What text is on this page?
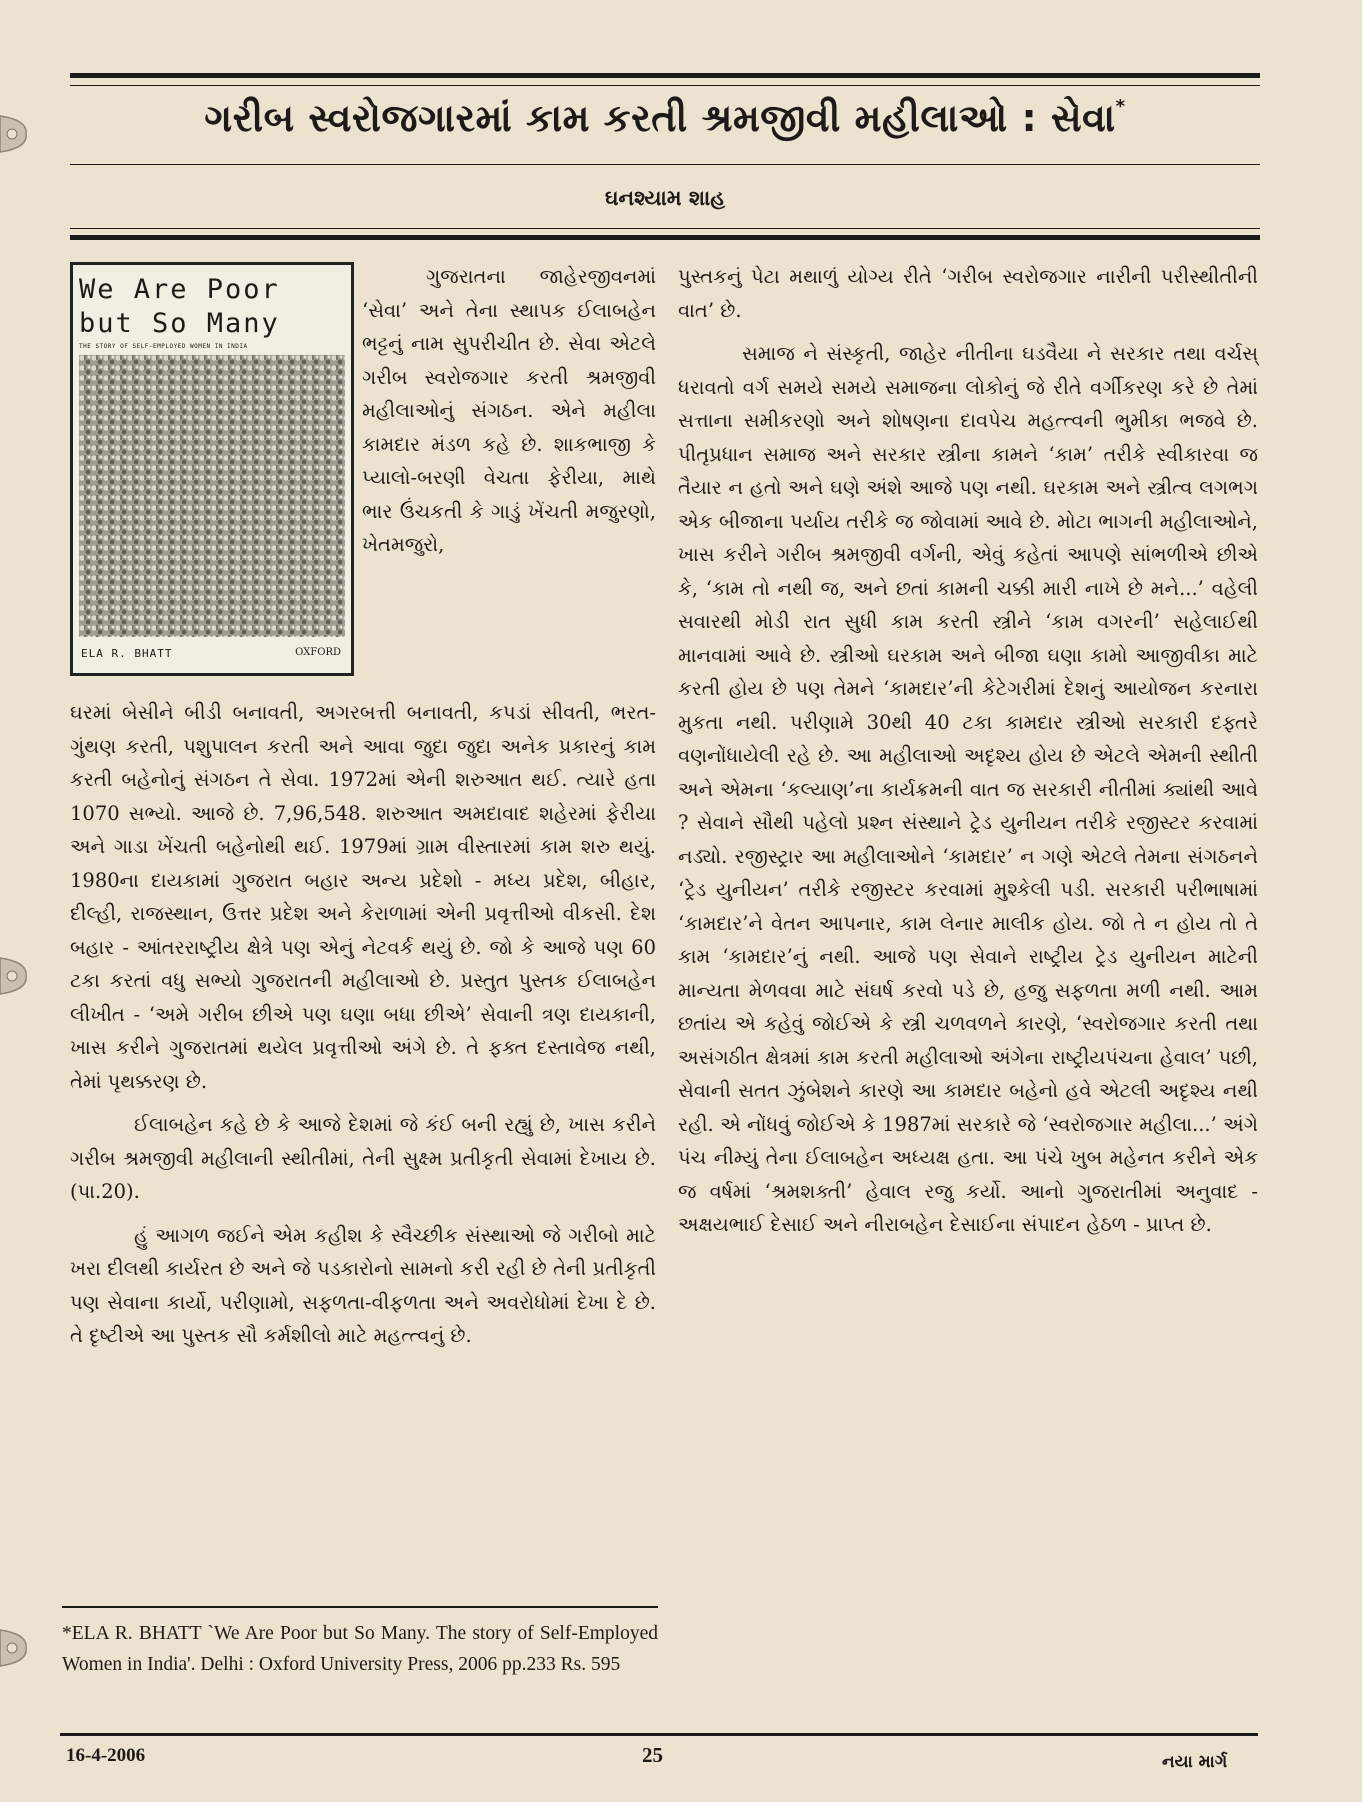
ગરીબ સ્વરોજગારમાં કામ કરતી શ્રમજીવી મહીલાઓ : સેવા*
ઘનશ્યામ શાહ
We Are Poor
but So Many
THE STORY OF SELF-EMPLOYED WOMEN IN INDIA
ELA R. BHATT	OXFORD

ગુજરાતના જાહેરજીવનમાં ‘સેવા’ અને તેના સ્થાપક ઈલાબહેન ભટ્ટનું નામ સુપરીચીત છે. સેવા એટલે ગરીબ સ્વરોજગાર કરતી શ્રમજીવી મહીલાઓનું સંગઠન. એને મહીલા કામદાર મંડળ કહે છે. શાકભાજી કે પ્યાલો-બરણી વેચતા ફેરીયા, માથે ભાર ઉંચકતી કે ગાડું ખેંચતી મજુરણો, ખેતમજુરો,

ઘરમાં બેસીને બીડી બનાવતી, અગરબત્તી બનાવતી, કપડાં સીવતી, ભરત-ગુંથણ કરતી, પશુપાલન કરતી અને આવા જુદા જુદા અનેક પ્રકારનું કામ કરતી બહેનોનું સંગઠન તે સેવા. 1972માં એની શરુઆત થઈ. ત્યારે હતા 1070 સભ્યો. આજે છે. 7,96,548. શરુઆત અમદાવાદ શહેરમાં ફેરીયા અને ગાડા ખેંચતી બહેનોથી થઈ. 1979માં ગ્રામ વીસ્તારમાં કામ શરુ થયું. 1980ના દાયકામાં ગુજરાત બહાર અન્ય પ્રદેશો - મધ્ય પ્રદેશ, બીહાર, દીલ્હી, રાજસ્થાન, ઉત્તર પ્રદેશ અને કેરાળામાં એની પ્રવૃત્તીઓ વીકસી. દેશ બહાર - આંતરરાષ્ટ્રીય ક્ષેત્રે પણ એનું નેટવર્ક થયું છે. જો કે આજે પણ 60 ટકા કરતાં વધુ સભ્યો ગુજરાતની મહીલાઓ છે. પ્રસ્તુત પુસ્તક ઈલાબહેન લીખીત - ‘અમે ગરીબ છીએ પણ ઘણા બધા છીએ’ સેવાની ત્રણ દાયકાની, ખાસ કરીને ગુજરાતમાં થયેલ પ્રવૃત્તીઓ અંગે છે. તે ફક્ત દસ્તાવેજ નથી, તેમાં પૃથક્કરણ છે.

ઈલાબહેન કહે છે કે આજે દેશમાં જે કંઈ બની રહ્યું છે, ખાસ કરીને ગરીબ શ્રમજીવી મહીલાની સ્થીતીમાં, તેની સુક્ષ્મ પ્રતીકૃતી સેવામાં દેખાય છે. (પા.20).

હું આગળ જઈને એમ કહીશ કે સ્વૈચ્છીક સંસ્થાઓ જે ગરીબો માટે ખરા દીલથી કાર્યરત છે અને જે પડકારોનો સામનો કરી રહી છે તેની પ્રતીકૃતી પણ સેવાના કાર્યો, પરીણામો, સફળતા-વીફળતા અને અવરોધોમાં દેખા દે છે. તે દૃષ્ટીએ આ પુસ્તક સૌ કર્મશીલો માટે મહત્ત્વનું છે.

*ELA R. BHATT `We Are Poor but So Many. The story of Self-Employed Women in India'. Delhi : Oxford University Press, 2006 pp.233 Rs. 595

પુસ્તકનું પેટા મથાળું યોગ્ય રીતે ‘ગરીબ સ્વરોજગાર નારીની પરીસ્થીતીની વાત’ છે.

સમાજ ને સંસ્કૃતી, જાહેર નીતીના ઘડવૈયા ને સરકાર તથા વર્ચસ્ ધરાવતો વર્ગ સમયે સમયે સમાજના લોકોનું જે રીતે વર્ગીકરણ કરે છે તેમાં સત્તાના સમીકરણો અને શોષણના દાવપેચ મહત્ત્વની ભુમીકા ભજવે છે. પીતૃપ્રધાન સમાજ અને સરકાર સ્ત્રીના કામને ‘કામ’ તરીકે સ્વીકારવા જ તૈયાર ન હતો અને ઘણે અંશે આજે પણ નથી. ઘરકામ અને સ્ત્રીત્વ લગભગ એક બીજાના પર્યાય તરીકે જ જોવામાં આવે છે. મોટા ભાગની મહીલાઓને, ખાસ કરીને ગરીબ શ્રમજીવી વર્ગની, એવું કહેતાં આપણે સાંભળીએ છીએ કે, ‘કામ તો નથી જ, અને છતાં કામની ચક્કી મારી નાખે છે મને...’ વહેલી સવારથી મોડી રાત સુધી કામ કરતી સ્ત્રીને ‘કામ વગરની’ સહેલાઈથી માનવામાં આવે છે. સ્ત્રીઓ ઘરકામ અને બીજા ઘણા કામો આજીવીકા માટે કરતી હોય છે પણ તેમને ‘કામદાર’ની કેટેગરીમાં દેશનું આયોજન કરનારા મુકતા નથી. પરીણામે 30થી 40 ટકા કામદાર સ્ત્રીઓ સરકારી દફ્તરે વણનોંધાયેલી રહે છે. આ મહીલાઓ અદૃશ્ય હોય છે એટલે એમની સ્થીતી અને એમના ‘કલ્યાણ’ના કાર્યક્રમની વાત જ સરકારી નીતીમાં ક્યાંથી આવે ? સેવાને સૌથી પહેલો પ્રશ્ન સંસ્થાને ટ્રેડ યુનીયન તરીકે રજીસ્ટર કરવામાં નડ્યો. રજીસ્ટ્રાર આ મહીલાઓને ‘કામદાર’ ન ગણે એટલે તેમના સંગઠનને ‘ટ્રેડ યુનીયન’ તરીકે રજીસ્ટર કરવામાં મુશ્કેલી પડી. સરકારી પરીભાષામાં ‘કામદાર’ને વેતન આપનાર, કામ લેનાર માલીક હોય. જો તે ન હોય તો તે કામ ‘કામદાર’નું નથી. આજે પણ સેવાને રાષ્ટ્રીય ટ્રેડ યુનીયન માટેની માન્યતા મેળવવા માટે સંઘર્ષ કરવો પડે છે, હજુ સફળતા મળી નથી. આમ છતાંય એ કહેવું જોઈએ કે સ્ત્રી ચળવળને કારણે, ‘સ્વરોજગાર કરતી તથા અસંગઠીત ક્ષેત્રમાં કામ કરતી મહીલાઓ અંગેના રાષ્ટ્રીયપંચના હેવાલ’ પછી, સેવાની સતત ઝુંબેશને કારણે આ કામદાર બહેનો હવે એટલી અદૃશ્ય નથી રહી. એ નોંધવું જોઈએ કે 1987માં સરકારે જે ‘સ્વરોજગાર મહીલા...’ અંગે પંચ નીમ્યું તેના ઈલાબહેન અધ્યક્ષ હતા. આ પંચે ખુબ મહેનત કરીને એક જ વર્ષમાં ‘શ્રમશક્તી’ હેવાલ રજુ કર્યો. આનો ગુજરાતીમાં અનુવાદ - અક્ષયભાઈ દેસાઈ અને નીરાબહેન દેસાઈના સંપાદન હેઠળ - પ્રાપ્ત છે.

16-4-2006	25	નયા માર્ગ
